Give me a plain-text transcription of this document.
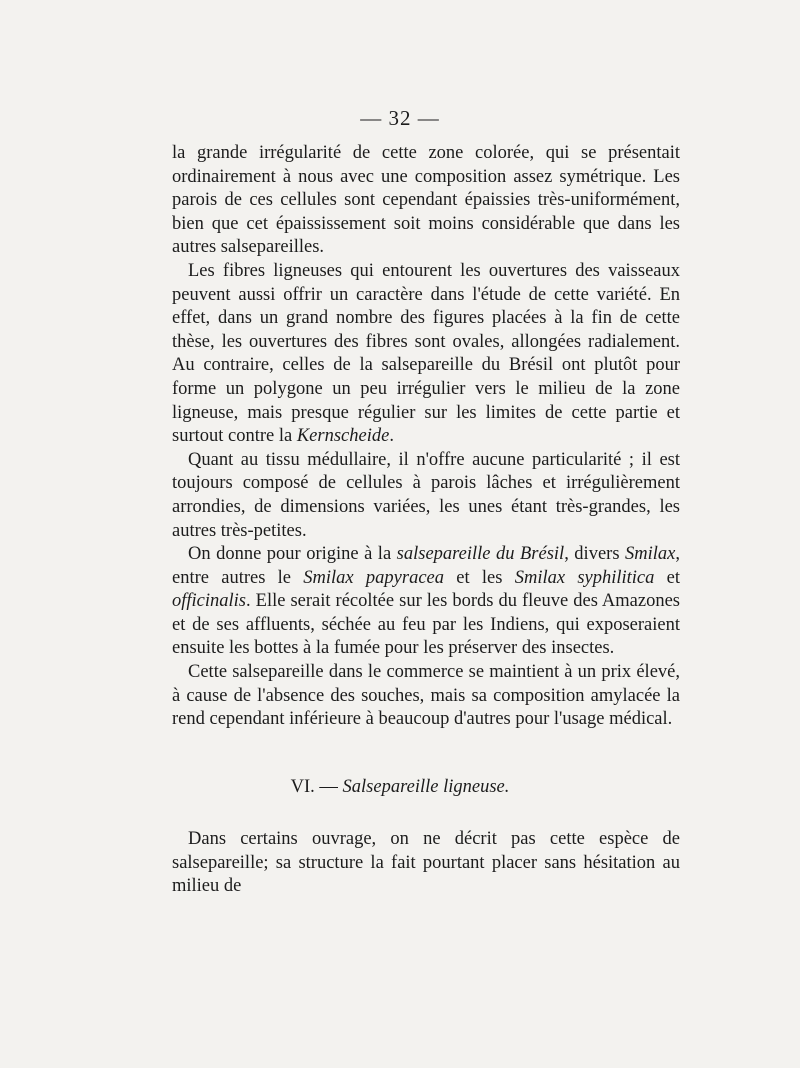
— 32 —

la grande irrégularité de cette zone colorée, qui se présentait ordinairement à nous avec une composition assez symétrique. Les parois de ces cellules sont cependant épaissies très-uniformément, bien que cet épaississement soit moins considérable que dans les autres salsepareilles.

Les fibres ligneuses qui entourent les ouvertures des vaisseaux peuvent aussi offrir un caractère dans l'étude de cette variété. En effet, dans un grand nombre des figures placées à la fin de cette thèse, les ouvertures des fibres sont ovales, allongées radialement. Au contraire, celles de la salsepareille du Brésil ont plutôt pour forme un polygone un peu irrégulier vers le milieu de la zone ligneuse, mais presque régulier sur les limites de cette partie et surtout contre la Kernscheide.

Quant au tissu médullaire, il n'offre aucune particularité ; il est toujours composé de cellules à parois lâches et irrégulièrement arrondies, de dimensions variées, les unes étant très-grandes, les autres très-petites.

On donne pour origine à la salsepareille du Brésil, divers Smilax, entre autres le Smilax papyracea et les Smilax syphilitica et officinalis. Elle serait récoltée sur les bords du fleuve des Amazones et de ses affluents, séchée au feu par les Indiens, qui exposeraient ensuite les bottes à la fumée pour les préserver des insectes.

Cette salsepareille dans le commerce se maintient à un prix élevé, à cause de l'absence des souches, mais sa composition amylacée la rend cependant inférieure à beaucoup d'autres pour l'usage médical.

VI. — Salsepareille ligneuse.

Dans certains ouvrage, on ne décrit pas cette espèce de salsepareille; sa structure la fait pourtant placer sans hésitation au milieu de
